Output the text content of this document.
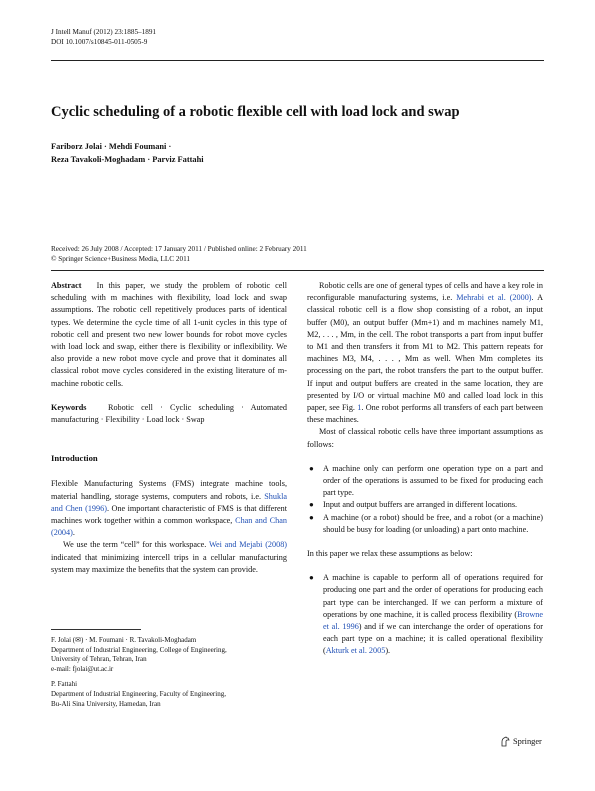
J Intell Manuf (2012) 23:1885–1891
DOI 10.1007/s10845-011-0505-9
Cyclic scheduling of a robotic flexible cell with load lock and swap
Fariborz Jolai · Mehdi Foumani ·
Reza Tavakoli-Moghadam · Parviz Fattahi
Received: 26 July 2008 / Accepted: 17 January 2011 / Published online: 2 February 2011
© Springer Science+Business Media, LLC 2011

Abstract In this paper, we study the problem of robotic cell scheduling with m machines with flexibility, load lock and swap assumptions. The robotic cell repetitively produces parts of identical types. We determine the cycle time of all 1-unit cycles in this type of robotic cell and present two new lower bounds for robot move cycles with load lock and swap, either there is flexibility or inflexibility. We also provide a new robot move cycle and prove that it dominates all classical robot move cycles considered in the existing literature of m-machine robotic cells.

Keywords	Robotic cell · Cyclic scheduling · Automated manufacturing · Flexibility · Load lock · Swap

Introduction

Flexible Manufacturing Systems (FMS) integrate machine tools, material handling, storage systems, computers and robots, i.e. Shukla and Chen (1996). One important characteristic of FMS is that different machines work together within a common workspace, Chan and Chan (2004).

We use the term “cell” for this workspace. Wei and Mejabi (2008) indicated that minimizing intercell trips in a cellular manufacturing system may maximize the benefits that the system can provide.

F. Jolai (✉) · M. Foumani · R. Tavakoli-Moghadam
Department of Industrial Engineering, College of Engineering,
University of Tehran, Tehran, Iran
e-mail: fjolai@ut.ac.ir
P. Fattahi
Department of Industrial Engineering, Faculty of Engineering,
Bu-Ali Sina University, Hamedan, Iran

Robotic cells are one of general types of cells and have a key role in reconfigurable manufacturing systems, i.e. Mehrabi et al. (2000). A classical robotic cell is a flow shop consisting of a robot, an input buffer (M0), an output buffer (Mm+1) and m machines namely M1, M2, . . . , Mm, in the cell. The robot transports a part from input buffer to M1 and then transfers it from M1 to M2. This pattern repeats for machines M3, M4, . . . , Mm as well. When Mm completes its processing on the part, the robot transfers the part to the output buffer. If input and output buffers are created in the same location, they are presented by I/O or virtual machine M0 and called load lock in this paper, see Fig. 1. One robot performs all transfers of each part between these machines.

Most of classical robotic cells have three important assumptions as follows:

● A machine only can perform one operation type on a part and order of the operations is assumed to be fixed for producing each part type.
● Input and output buffers are arranged in different locations.
● A machine (or a robot) should be free, and a robot (or a machine) should be busy for loading (or unloading) a part onto machine.

In this paper we relax these assumptions as below:

● A machine is capable to perform all of operations required for producing one part and the order of operations for producing each part type can be interchanged. If we can perform a mixture of operations by one machine, it is called process flexibility (Browne et al. 1996) and if we can interchange the order of operations for each part type on a machine; it is called operational flexibility (Akturk et al. 2005).
Springer
